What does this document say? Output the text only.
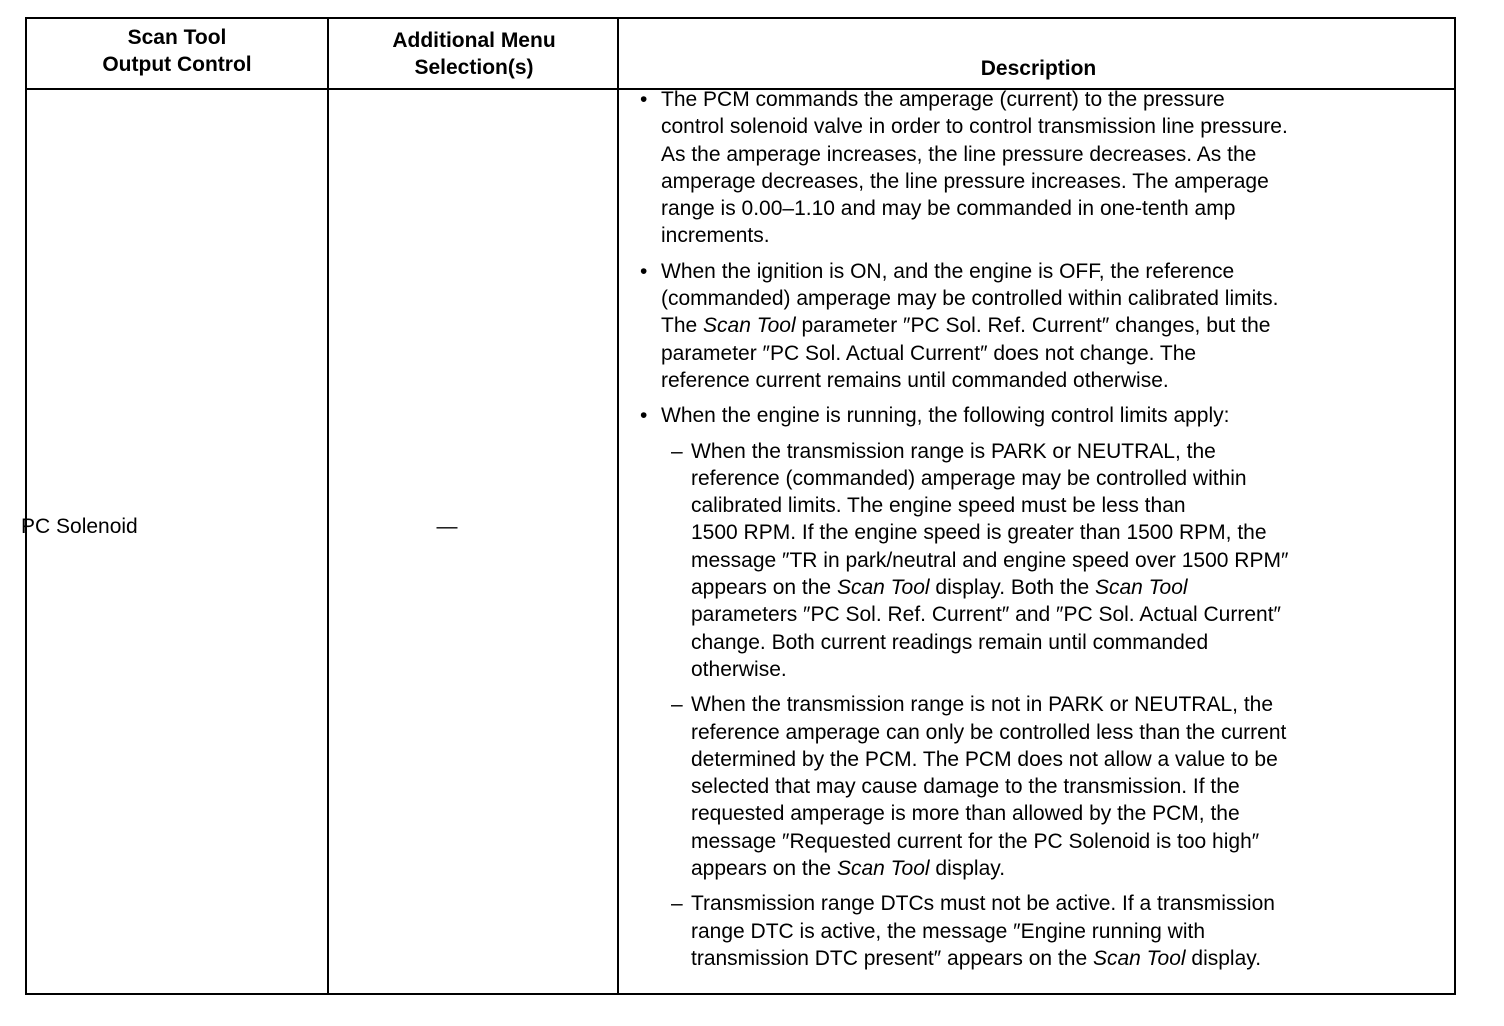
Scan Tool
Output Control
Additional Menu
Selection(s)	Description
PC Solenoid	—
• The PCM commands the amperage (current) to the pressure
control solenoid valve in order to control transmission line pressure.
As the amperage increases, the line pressure decreases. As the
amperage decreases, the line pressure increases. The amperage
range is 0.00–1.10 and may be commanded in one-tenth amp
increments.
• When the ignition is ON, and the engine is OFF, the reference
(commanded) amperage may be controlled within calibrated limits.
The Scan Tool parameter ″PC Sol. Ref. Current″ changes, but the
parameter ″PC Sol. Actual Current″ does not change. The
reference current remains until commanded otherwise.
• When the engine is running, the following control limits apply:
– When the transmission range is PARK or NEUTRAL, the
reference (commanded) amperage may be controlled within
calibrated limits. The engine speed must be less than
1500 RPM. If the engine speed is greater than 1500 RPM, the
message ″TR in park/neutral and engine speed over 1500 RPM″
appears on the Scan Tool display. Both the Scan Tool
parameters ″PC Sol. Ref. Current″ and ″PC Sol. Actual Current″
change. Both current readings remain until commanded
otherwise.
– When the transmission range is not in PARK or NEUTRAL, the
reference amperage can only be controlled less than the current
determined by the PCM. The PCM does not allow a value to be
selected that may cause damage to the transmission. If the
requested amperage is more than allowed by the PCM, the
message ″Requested current for the PC Solenoid is too high″
appears on the Scan Tool display.
– Transmission range DTCs must not be active. If a transmission
range DTC is active, the message ″Engine running with
transmission DTC present″ appears on the Scan Tool display.
